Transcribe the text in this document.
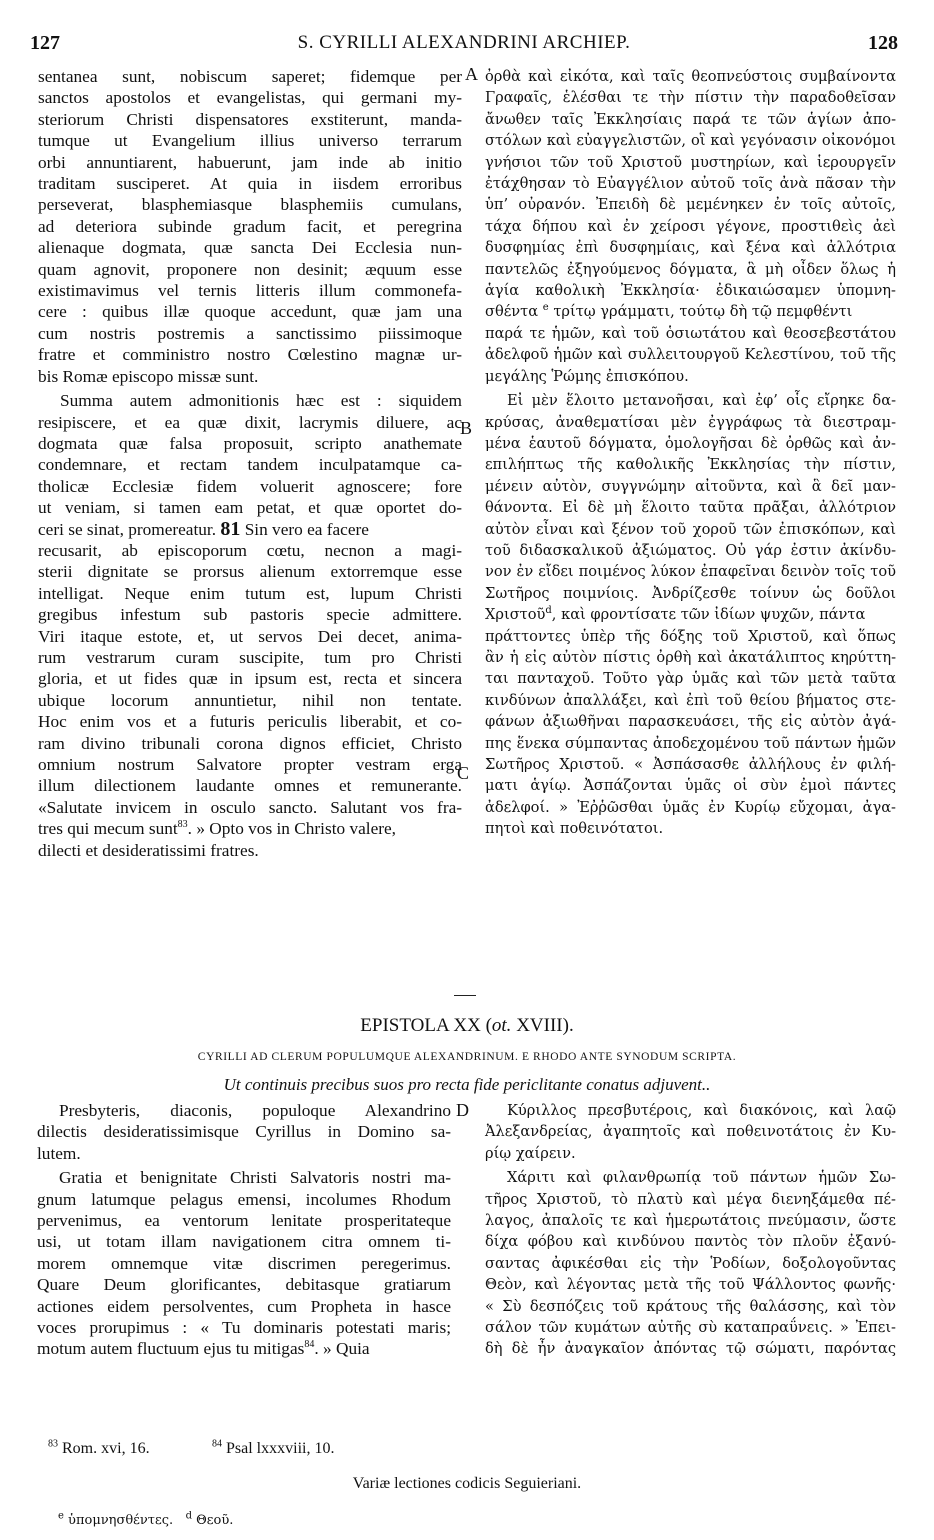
127	S. CYRILLI ALEXANDRINI ARCHIEP.	128
A
B
C
D
sentanea sunt, nobiscum saperet; fidemque per
sanctos apostolos et evangelistas, qui germani my-
steriorum Christi dispensatores exstiterunt, manda-
tumque ut Evangelium illius universo terrarum
orbi annuntiarent, habuerunt, jam inde ab initio
traditam susciperet. At quia in iisdem erroribus
perseverat, blasphemiasque blasphemiis cumulans,
ad deteriora subinde gradum facit, et peregrina
alienaque dogmata, quæ sancta Dei Ecclesia nun-
quam agnovit, proponere non desinit; æquum esse
existimavimus vel ternis litteris illum commonefa-
cere : quibus illæ quoque accedunt, quæ jam una
cum nostris postremis a sanctissimo piissimoque
fratre et comministro nostro Cœlestino magnæ ur-
bis Romæ episcopo missæ sunt.
Summa autem admonitionis hæc est : siquidem
resipiscere, et ea quæ dixit, lacrymis diluere, ac
dogmata quæ falsa proposuit, scripto anathemate
condemnare, et rectam tandem inculpatamque ca-
tholicæ Ecclesiæ fidem voluerit agnoscere; fore
ut veniam, si tamen eam petat, et quæ oportet do-
ceri se sinat, promereatur. 81 Sin vero ea facere
recusarit, ab episcoporum cœtu, necnon a magi-
sterii dignitate se prorsus alienum extorremque esse
intelligat. Neque enim tutum est, lupum Christi
gregibus infestum sub pastoris specie admittere.
Viri itaque estote, et, ut servos Dei decet, anima-
rum vestrarum curam suscipite, tum pro Christi
gloria, et ut fides quæ in ipsum est, recta et sincera
ubique locorum annuntietur, nihil non tentate.
Hoc enim vos et a futuris periculis liberabit, et co-
ram divino tribunali corona dignos efficiet, Christo
omnium nostrum Salvatore propter vestram erga
illum dilectionem laudante omnes et remunerante.
«Salutate invicem in osculo sancto. Salutant vos fra-
tres qui mecum sunt$^{83}$. » Opto vos in Christo valere,
dilecti et desideratissimi fratres.
ὀρθὰ καὶ εἰκότα, καὶ ταῖς θεοπνεύστοις συμβαίνοντα
Γραφαῖς, ἑλέσθαι τε τὴν πίστιν τὴν παραδοθεῖσαν
ἄνωθεν ταῖς Ἐκκλησίαις παρά τε τῶν ἁγίων ἀπο-
στόλων καὶ εὐαγγελιστῶν, οἳ καὶ γεγόνασιν οἰκονόμοι
γνήσιοι τῶν τοῦ Χριστοῦ μυστηρίων, καὶ ἱερουργεῖν
ἐτάχθησαν τὸ Εὐαγγέλιον αὐτοῦ τοῖς ἀνὰ πᾶσαν τὴν
ὑπ’ οὐρανόν. Ἐπειδὴ δὲ μεμένηκεν ἐν τοῖς αὐτοῖς,
τάχα δήπου καὶ ἐν χείροσι γέγονε, προστιθεὶς ἀεὶ
δυσφημίας ἐπὶ δυσφημίαις, καὶ ξένα καὶ ἀλλότρια
παντελῶς ἐξηγούμενος δόγματα, ἃ μὴ οἶδεν ὅλως ἡ
ἁγία καθολικὴ Ἐκκλησία· ἐδικαιώσαμεν ὑπομνη-
σθέντα $^e$ τρίτῳ γράμματι, τούτῳ δὴ τῷ πεμφθέντι
παρά τε ἡμῶν, καὶ τοῦ ὁσιωτάτου καὶ θεοσεβεστάτου
ἀδελφοῦ ἡμῶν καὶ συλλειτουργοῦ Κελεστίνου, τοῦ τῆς
μεγάλης Ῥώμης ἐπισκόπου.
Εἰ μὲν ἕλοιτο μετανοῆσαι, καὶ ἐφ’ οἷς εἴρηκε δα-
κρύσας, ἀναθεματίσαι μὲν ἐγγράφως τὰ διεστραμ-
μένα ἑαυτοῦ δόγματα, ὁμολογῆσαι δὲ ὀρθῶς καὶ ἀν-
επιλήπτως τῆς καθολικῆς Ἐκκλησίας τὴν πίστιν,
μένειν αὐτὸν, συγγνώμην αἰτοῦντα, καὶ ἃ δεῖ μαν-
θάνοντα. Εἰ δὲ μὴ ἕλοιτο ταῦτα πρᾶξαι, ἀλλότριον
αὐτὸν εἶναι καὶ ξένον τοῦ χοροῦ τῶν ἐπισκόπων, καὶ
τοῦ διδασκαλικοῦ ἀξιώματος. Οὐ γάρ ἐστιν ἀκίνδυ-
νον ἐν εἴδει ποιμένος λύκον ἐπαφεῖναι δεινὸν τοῖς τοῦ
Σωτῆρος ποιμνίοις. Ἀνδρίζεσθε τοίνυν ὡς δοῦλοι
Χριστοῦ$^d$, καὶ φροντίσατε τῶν ἰδίων ψυχῶν, πάντα
πράττοντες ὑπὲρ τῆς δόξης τοῦ Χριστοῦ, καὶ ὅπως
ἂν ἡ εἰς αὐτὸν πίστις ὀρθὴ καὶ ἀκατάλιπτος κηρύττη-
ται πανταχοῦ. Τοῦτο γὰρ ὑμᾶς καὶ τῶν μετὰ ταῦτα
κινδύνων ἀπαλλάξει, καὶ ἐπὶ τοῦ θείου βήματος στε-
φάνων ἀξιωθῆναι παρασκευάσει, τῆς εἰς αὐτὸν ἀγά-
πης ἕνεκα σύμπαντας ἀποδεχομένου τοῦ πάντων ἡμῶν
Σωτῆρος Χριστοῦ. « Ἀσπάσασθε ἀλλήλους ἐν φιλή-
ματι ἁγίῳ. Ἀσπάζονται ὑμᾶς οἱ σὺν ἐμοὶ πάντες
ἀδελφοί. » Ἐῤῥῶσθαι ὑμᾶς ἐν Κυρίῳ εὔχομαι, ἀγα-
πητοὶ καὶ ποθεινότατοι.
EPISTOLA XX (ot. XVIII).
CYRILLI AD CLERUM POPULUMQUE ALEXANDRINUM. E RHODO ANTE SYNODUM SCRIPTA.
Ut continuis precibus suos pro recta fide periclitante conatus adjuvent..
Presbyteris, diaconis, populoque Alexandrino
dilectis desideratissimisque Cyrillus in Domino sa-
lutem.
Gratia et benignitate Christi Salvatoris nostri ma-
gnum latumque pelagus emensi, incolumes Rhodum
pervenimus, ea ventorum lenitate prosperitateque
usi, ut totam illam navigationem citra omnem ti-
morem omnemque vitæ discrimen peregerimus.
Quare Deum glorificantes, debitasque gratiarum
actiones eidem persolventes, cum Propheta in hasce
voces prorupimus : « Tu dominaris potestati maris;
motum autem fluctuum ejus tu mitigas$^{84}$. » Quia
Κύριλλος πρεσβυτέροις, καὶ διακόνοις, καὶ λαῷ
Ἀλεξανδρείας, ἀγαπητοῖς καὶ ποθεινοτάτοις ἐν Κυ-
ρίῳ χαίρειν.
Χάριτι καὶ φιλανθρωπίᾳ τοῦ πάντων ἡμῶν Σω-
τῆρος Χριστοῦ, τὸ πλατὺ καὶ μέγα διενηξάμεθα πέ-
λαγος, ἀπαλοῖς τε καὶ ἡμερωτάτοις πνεύμασιν, ὥστε
δίχα φόβου καὶ κινδύνου παντὸς τὸν πλοῦν ἐξανύ-
σαντας ἀφικέσθαι εἰς τὴν Ῥοδίων, δοξολογοῦντας
Θεὸν, καὶ λέγοντας μετὰ τῆς τοῦ Ψάλλοντος φωνῆς·
« Σὺ δεσπόζεις τοῦ κράτους τῆς θαλάσσης, καὶ τὸν
σάλον τῶν κυμάτων αὐτῆς σὺ καταπραΰνεις. » Ἐπει-
δὴ δὲ ἦν ἀναγκαῖον ἀπόντας τῷ σώματι, παρόντας
$^{83}$ Rom. xvi, 16.	$^{84}$ Psal lxxxviii, 10.
Variæ lectiones codicis Seguieriani.
$^e$ ὑπομνησθέντες. $^d$ Θεοῦ.
